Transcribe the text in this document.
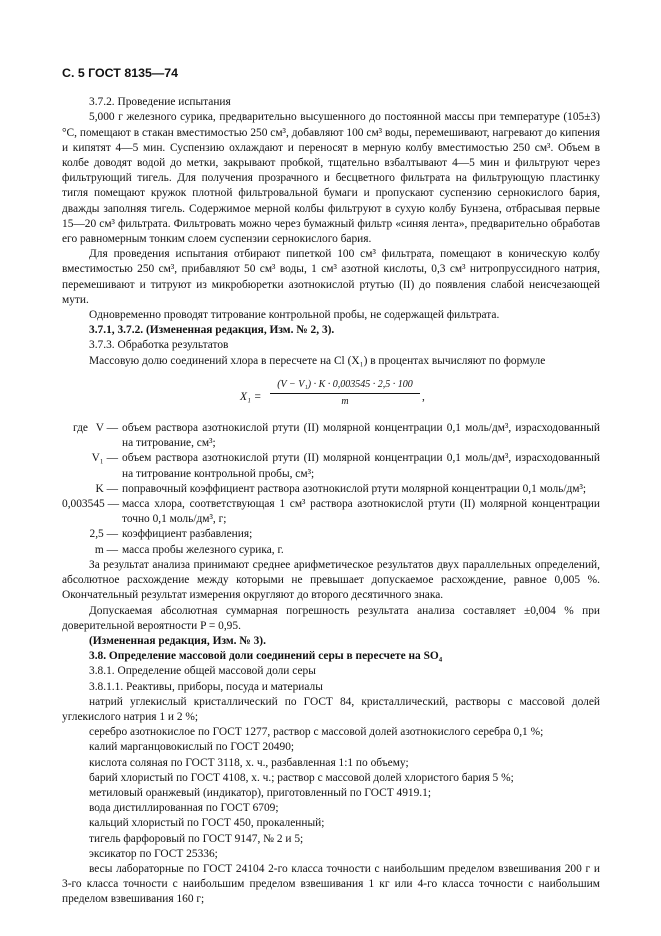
С. 5 ГОСТ 8135—74

3.7.2. Проведение испытания

5,000 г железного сурика, предварительно высушенного до постоянной массы при температуре (105±3) °С, помещают в стакан вместимостью 250 см³, добавляют 100 см³ воды, перемешивают, нагревают до кипения и кипятят 4—5 мин. Суспензию охлаждают и переносят в мерную колбу вместимостью 250 см³. Объем в колбе доводят водой до метки, закрывают пробкой, тщательно взбалтывают 4—5 мин и фильтруют через фильтрующий тигель. Для получения прозрачного и бесцветного фильтрата на фильтрующую пластинку тигля помещают кружок плотной фильтровальной бумаги и пропускают суспензию сернокислого бария, дважды заполняя тигель. Содержимое мерной колбы фильтруют в сухую колбу Бунзена, отбрасывая первые 15—20 см³ фильтрата. Фильтровать можно через бумажный фильтр «синяя лента», предварительно обработав его равномерным тонким слоем суспензии сернокислого бария.

Для проведения испытания отбирают пипеткой 100 см³ фильтрата, помещают в коническую колбу вместимостью 250 см³, прибавляют 50 см³ воды, 1 см³ азотной кислоты, 0,3 см³ нитропруссидного натрия, перемешивают и титруют из микробюретки азотнокислой ртутью (II) до появления слабой неисчезающей мути.

Одновременно проводят титрование контрольной пробы, не содержащей фильтрата.

3.7.1, 3.7.2. (Измененная редакция, Изм. № 2, 3).

3.7.3. Обработка результатов

Массовую долю соединений хлора в пересчете на Cl (X₁) в процентах вычисляют по формуле

$X_1 = \frac{\text{(V − V₁) · K · 0,003545 · 2,5 · 100}}{m}$ ,
где V — объем раствора азотнокислой ртути (II) молярной концентрации 0,1 моль/дм³, израсходованный на титрование, см³;
V₁ — объем раствора азотнокислой ртути (II) молярной концентрации 0,1 моль/дм³, израсходованный на титрование контрольной пробы, см³;
K — поправочный коэффициент раствора азотнокислой ртути молярной концентрации 0,1 моль/дм³;
0,003545 — масса хлора, соответствующая 1 см³ раствора азотнокислой ртути (II) молярной концентрации точно 0,1 моль/дм³, г;
2,5 — коэффициент разбавления;
m — масса пробы железного сурика, г.

За результат анализа принимают среднее арифметическое результатов двух параллельных определений, абсолютное расхождение между которыми не превышает допускаемое расхождение, равное 0,005 %. Окончательный результат измерения округляют до второго десятичного знака.

Допускаемая абсолютная суммарная погрешность результата анализа составляет ±0,004 % при доверительной вероятности P = 0,95.

(Измененная редакция, Изм. № 3).

3.8. Определение массовой доли соединений серы в пересчете на SO₄

3.8.1. Определение общей массовой доли серы

3.8.1.1. Реактивы, приборы, посуда и материалы

натрий углекислый кристаллический по ГОСТ 84, кристаллический, растворы с массовой долей углекислого натрия 1 и 2 %;

серебро азотнокислое по ГОСТ 1277, раствор с массовой долей азотнокислого серебра 0,1 %;

калий марганцовокислый по ГОСТ 20490;

кислота соляная по ГОСТ 3118, х. ч., разбавленная 1:1 по объему;

барий хлористый по ГОСТ 4108, х. ч.; раствор с массовой долей хлористого бария 5 %;

метиловый оранжевый (индикатор), приготовленный по ГОСТ 4919.1;

вода дистиллированная по ГОСТ 6709;

кальций хлористый по ГОСТ 450, прокаленный;

тигель фарфоровый по ГОСТ 9147, № 2 и 5;

эксикатор по ГОСТ 25336;

весы лабораторные по ГОСТ 24104 2-го класса точности с наибольшим пределом взвешивания 200 г и 3-го класса точности с наибольшим пределом взвешивания 1 кг или 4-го класса точности с наибольшим пределом взвешивания 160 г;
